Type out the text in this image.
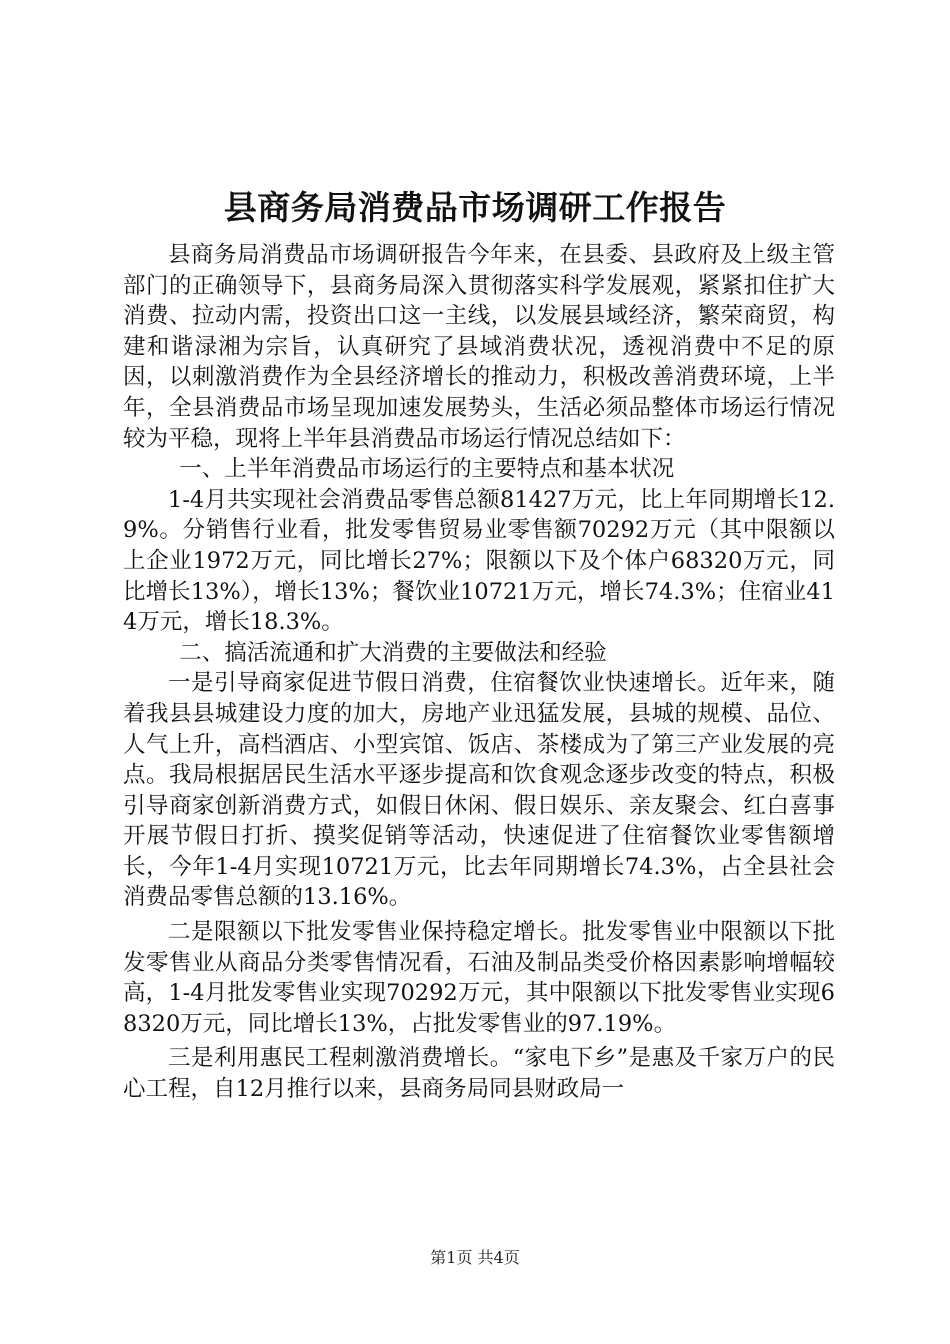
县商务局消费品市场调研工作报告

县商务局消费品市场调研报告今年来，在县委、县政府及上级主管部门的正确领导下，县商务局深入贯彻落实科学发展观，紧紧扣住扩大消费、拉动内需，投资出口这一主线，以发展县域经济，繁荣商贸，构建和谐渌湘为宗旨，认真研究了县域消费状况，透视消费中不足的原因，以刺激消费作为全县经济增长的推动力，积极改善消费环境，上半年，全县消费品市场呈现加速发展势头，生活必须品整体市场运行情况较为平稳，现将上半年县消费品市场运行情况总结如下：

一、上半年消费品市场运行的主要特点和基本状况

1-4月共实现社会消费品零售总额81427万元，比上年同期增长12.9%。分销售行业看，批发零售贸易业零售额70292万元（其中限额以上企业1972万元，同比增长27%；限额以下及个体户68320万元，同比增长13%），增长13%；餐饮业10721万元，增长74.3%；住宿业414万元，增长18.3%。

二、搞活流通和扩大消费的主要做法和经验

一是引导商家促进节假日消费，住宿餐饮业快速增长。近年来，随着我县县城建设力度的加大，房地产业迅猛发展，县城的规模、品位、人气上升，高档酒店、小型宾馆、饭店、茶楼成为了第三产业发展的亮点。我局根据居民生活水平逐步提高和饮食观念逐步改变的特点，积极引导商家创新消费方式，如假日休闲、假日娱乐、亲友聚会、红白喜事开展节假日打折、摸奖促销等活动，快速促进了住宿餐饮业零售额增长，今年1-4月实现10721万元，比去年同期增长74.3%，占全县社会消费品零售总额的13.16%。

二是限额以下批发零售业保持稳定增长。批发零售业中限额以下批发零售业从商品分类零售情况看，石油及制品类受价格因素影响增幅较高，1-4月批发零售业实现70292万元，其中限额以下批发零售业实现68320万元，同比增长13%，占批发零售业的97.19%。

三是利用惠民工程刺激消费增长。“家电下乡”是惠及千家万户的民心工程，自12月推行以来，县商务局同县财政局一

第1页 共4页
